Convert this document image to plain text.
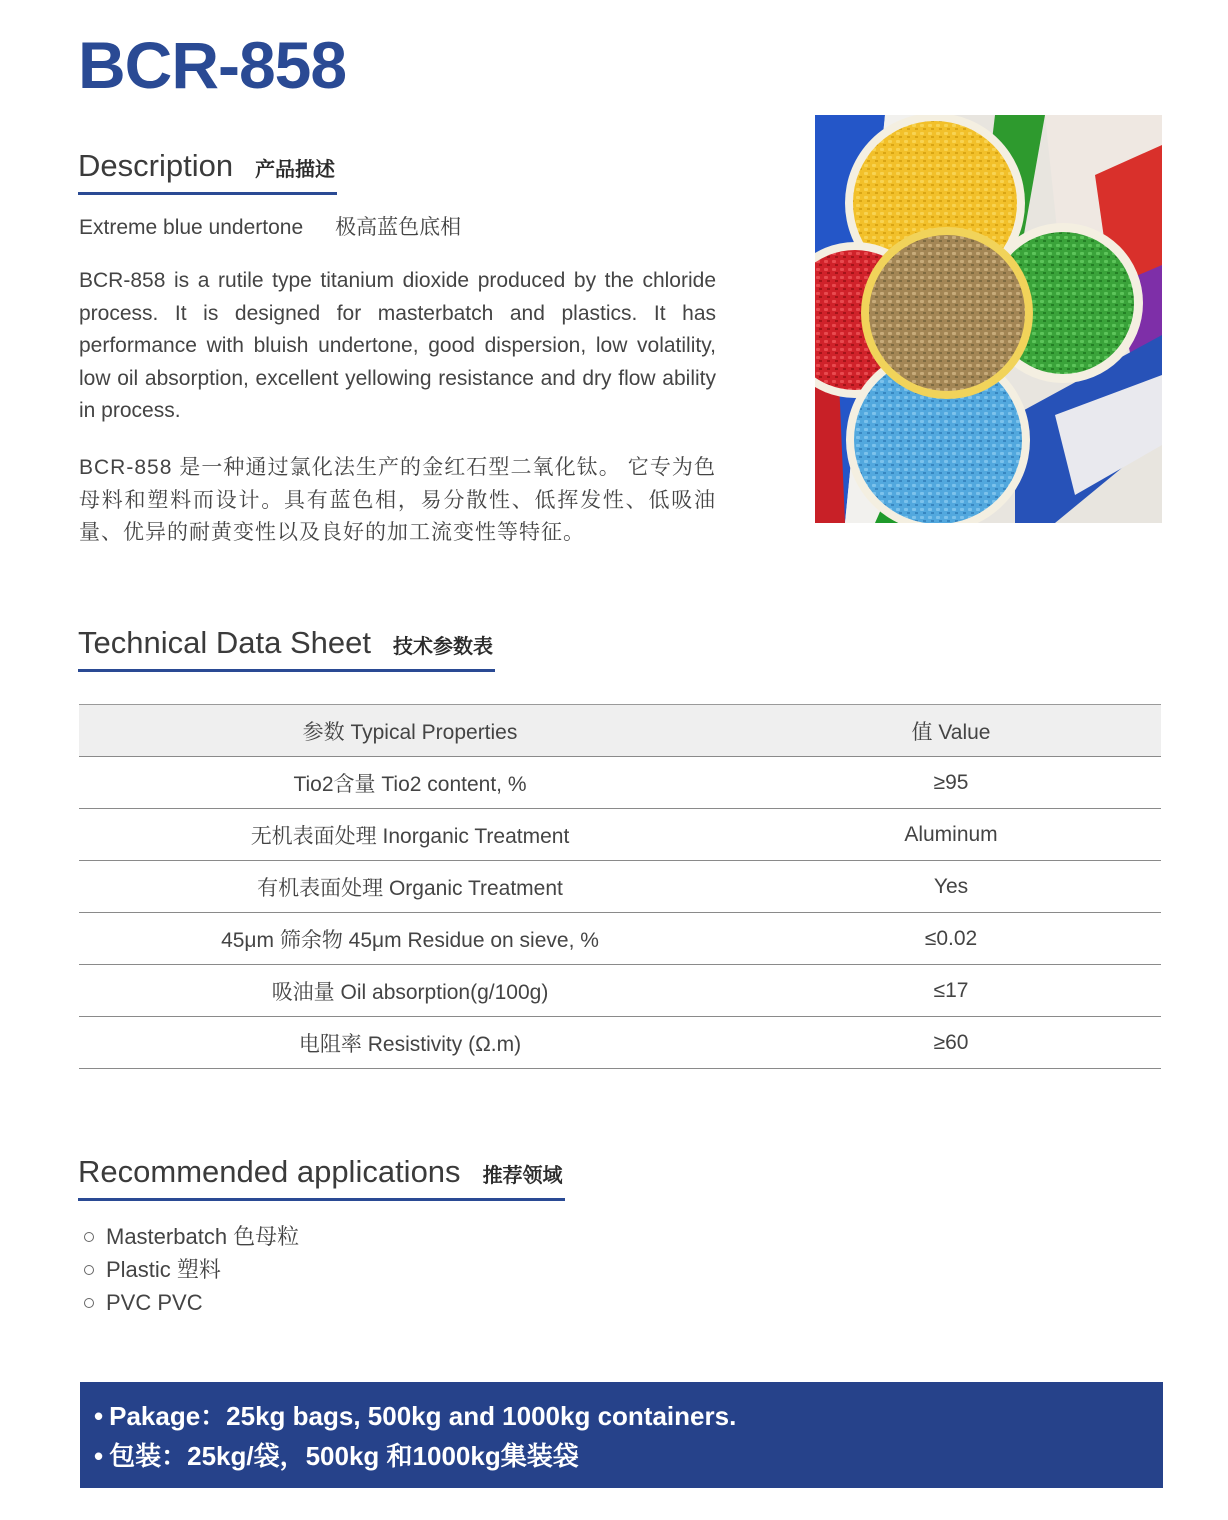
BCR-858
Description 产品描述
Extreme blue undertone 极高蓝色底相

BCR-858 is a rutile type titanium dioxide produced by the chloride process. It is designed for masterbatch and plastics. It has performance with bluish undertone, good dispersion, low volatility, low oil absorption, excellent yellowing resistance and dry flow ability in process.

BCR-858 是一种通过氯化法生产的金红石型二氧化钛。 它专为色母料和塑料而设计。具有蓝色相，易分散性、低挥发性、低吸油量、优异的耐黄变性以及良好的加工流变性等特征。

Technical Data Sheet 技术参数表
参数 Typical Properties	值 Value
Tio2含量 Tio2 content, %	≥95
无机表面处理 Inorganic Treatment	Aluminum
有机表面处理 Organic Treatment	Yes
45μm 筛余物 45μm Residue on sieve, %	≤0.02
吸油量 Oil absorption(g/100g)	≤17
电阻率 Resistivity (Ω.m)	≥60
Recommended applications 推荐领域
Masterbatch 色母粒
Plastic 塑料
PVC PVC
• Pakage：25kg bags, 500kg and 1000kg containers.
• 包装：25kg/袋，500kg 和1000kg集装袋
